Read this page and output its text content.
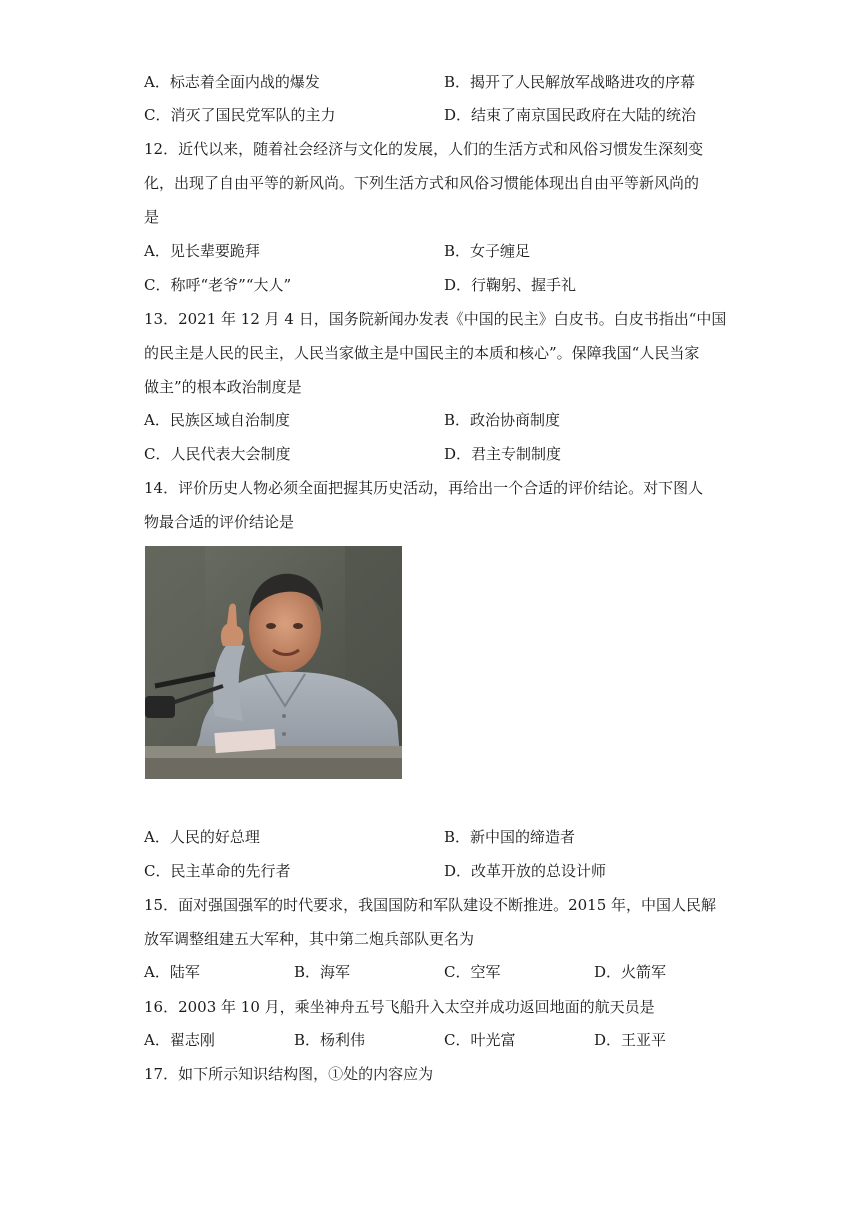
A．标志着全面内战的爆发	B．揭开了人民解放军战略进攻的序幕
C．消灭了国民党军队的主力	D．结束了南京国民政府在大陆的统治
12．近代以来，随着社会经济与文化的发展，人们的生活方式和风俗习惯发生深刻变
化，出现了自由平等的新风尚。下列生活方式和风俗习惯能体现出自由平等新风尚的
是
A．见长辈要跪拜	B．女子缠足
C．称呼“老爷”“大人”	D．行鞠躬、握手礼
13．2021 年 12 月 4 日，国务院新闻办发表《中国的民主》白皮书。白皮书指出“中国
的民主是人民的民主，人民当家做主是中国民主的本质和核心”。保障我国“人民当家
做主”的根本政治制度是
A．民族区域自治制度	B．政治协商制度
C．人民代表大会制度	D．君主专制制度
14．评价历史人物必须全面把握其历史活动，再给出一个合适的评价结论。对下图人
物最合适的评价结论是
A．人民的好总理	B．新中国的缔造者
C．民主革命的先行者	D．改革开放的总设计师
15．面对强国强军的时代要求，我国国防和军队建设不断推进。2015 年，中国人民解
放军调整组建五大军种，其中第二炮兵部队更名为
A．陆军	B．海军	C．空军	D．火箭军
16．2003 年 10 月，乘坐神舟五号飞船升入太空并成功返回地面的航天员是
A．翟志刚	B．杨利伟	C．叶光富	D．王亚平
17．如下所示知识结构图，①处的内容应为
